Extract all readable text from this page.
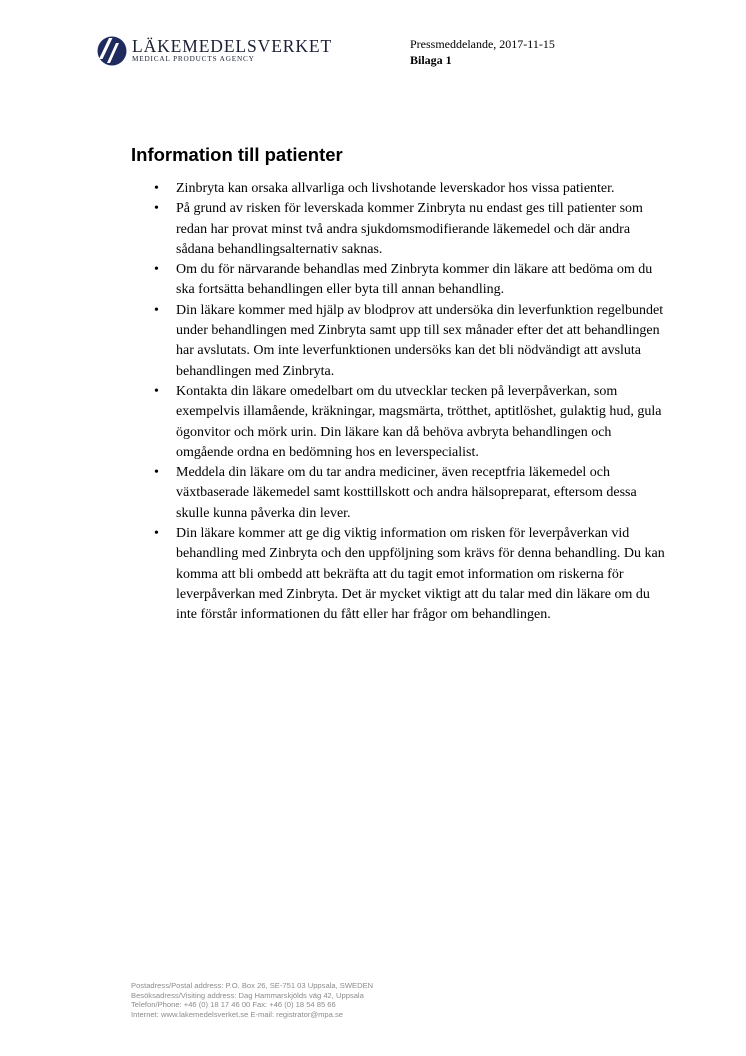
LÄKEMEDELSVERKET
MEDICAL PRODUCTS AGENCY
Pressmeddelande, 2017-11-15
Bilaga 1
Information till patienter
• Zinbryta kan orsaka allvarliga och livshotande leverskador hos vissa patienter.
• På grund av risken för leverskada kommer Zinbryta nu endast ges till patienter som redan har provat minst två andra sjukdomsmodifierande läkemedel och där andra sådana behandlingsalternativ saknas.
• Om du för närvarande behandlas med Zinbryta kommer din läkare att bedöma om du ska fortsätta behandlingen eller byta till annan behandling.
• Din läkare kommer med hjälp av blodprov att undersöka din leverfunktion regelbundet under behandlingen med Zinbryta samt upp till sex månader efter det att behandlingen har avslutats. Om inte leverfunktionen undersöks kan det bli nödvändigt att avsluta behandlingen med Zinbryta.
• Kontakta din läkare omedelbart om du utvecklar tecken på leverpåverkan, som exempelvis illamående, kräkningar, magsmärta, trötthet, aptitlöshet, gulaktig hud, gula ögonvitor och mörk urin. Din läkare kan då behöva avbryta behandlingen och omgående ordna en bedömning hos en leverspecialist.
• Meddela din läkare om du tar andra mediciner, även receptfria läkemedel och växtbaserade läkemedel samt kosttillskott och andra hälsopreparat, eftersom dessa skulle kunna påverka din lever.
• Din läkare kommer att ge dig viktig information om risken för leverpåverkan vid behandling med Zinbryta och den uppföljning som krävs för denna behandling. Du kan komma att bli ombedd att bekräfta att du tagit emot information om riskerna för leverpåverkan med Zinbryta. Det är mycket viktigt att du talar med din läkare om du inte förstår informationen du fått eller har frågor om behandlingen.
Postadress/Postal address: P.O. Box 26, SE-751 03 Uppsala, SWEDEN
Besöksadress/Visiting address: Dag Hammarskjölds väg 42, Uppsala
Telefon/Phone: +46 (0) 18 17 46 00 Fax: +46 (0) 18 54 85 66
Internet: www.lakemedelsverket.se E-mail: registrator@mpa.se
